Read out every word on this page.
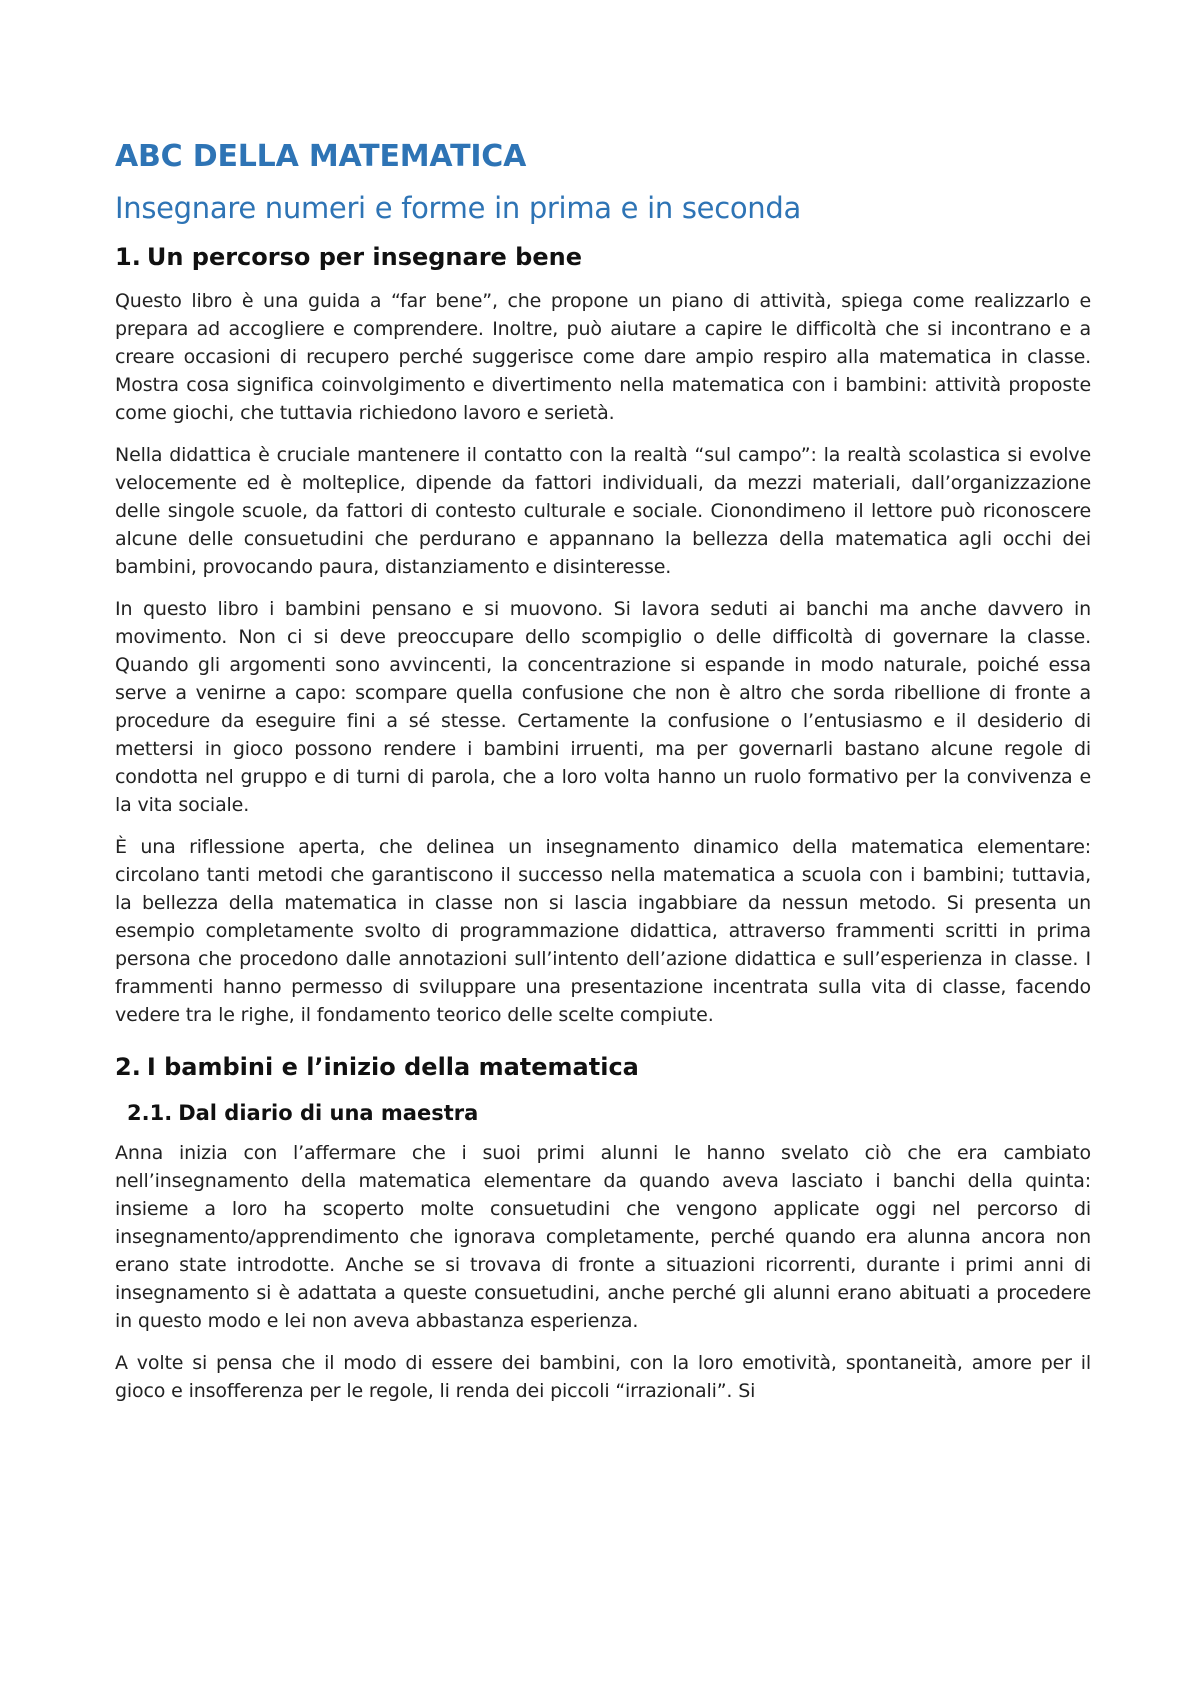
ABC DELLA MATEMATICA
Insegnare numeri e forme in prima e in seconda
1. Un percorso per insegnare bene

Questo libro è una guida a “far bene”, che propone un piano di attività, spiega come realizzarlo e prepara ad accogliere e comprendere. Inoltre, può aiutare a capire le difficoltà che si incontrano e a creare occasioni di recupero perché suggerisce come dare ampio respiro alla matematica in classe. Mostra cosa significa coinvolgimento e divertimento nella matematica con i bambini: attività proposte come giochi, che tuttavia richiedono lavoro e serietà.

Nella didattica è cruciale mantenere il contatto con la realtà “sul campo”: la realtà scolastica si evolve velocemente ed è molteplice, dipende da fattori individuali, da mezzi materiali, dall’organizzazione delle singole scuole, da fattori di contesto culturale e sociale. Cionondimeno il lettore può riconoscere alcune delle consuetudini che perdurano e appannano la bellezza della matematica agli occhi dei bambini, provocando paura, distanziamento e disinteresse.

In questo libro i bambini pensano e si muovono. Si lavora seduti ai banchi ma anche davvero in movimento. Non ci si deve preoccupare dello scompiglio o delle difficoltà di governare la classe. Quando gli argomenti sono avvincenti, la concentrazione si espande in modo naturale, poiché essa serve a venirne a capo: scompare quella confusione che non è altro che sorda ribellione di fronte a procedure da eseguire fini a sé stesse. Certamente la confusione o l’entusiasmo e il desiderio di mettersi in gioco possono rendere i bambini irruenti, ma per governarli bastano alcune regole di condotta nel gruppo e di turni di parola, che a loro volta hanno un ruolo formativo per la convivenza e la vita sociale.

È una riflessione aperta, che delinea un insegnamento dinamico della matematica elementare: circolano tanti metodi che garantiscono il successo nella matematica a scuola con i bambini; tuttavia, la bellezza della matematica in classe non si lascia ingabbiare da nessun metodo. Si presenta un esempio completamente svolto di programmazione didattica, attraverso frammenti scritti in prima persona che procedono dalle annotazioni sull’intento dell’azione didattica e sull’esperienza in classe. I frammenti hanno permesso di sviluppare una presentazione incentrata sulla vita di classe, facendo vedere tra le righe, il fondamento teorico delle scelte compiute.

2. I bambini e l’inizio della matematica
2.1. Dal diario di una maestra

Anna inizia con l’affermare che i suoi primi alunni le hanno svelato ciò che era cambiato nell’insegnamento della matematica elementare da quando aveva lasciato i banchi della quinta: insieme a loro ha scoperto molte consuetudini che vengono applicate oggi nel percorso di insegnamento/apprendimento che ignorava completamente, perché quando era alunna ancora non erano state introdotte. Anche se si trovava di fronte a situazioni ricorrenti, durante i primi anni di insegnamento si è adattata a queste consuetudini, anche perché gli alunni erano abituati a procedere in questo modo e lei non aveva abbastanza esperienza.

A volte si pensa che il modo di essere dei bambini, con la loro emotività, spontaneità, amore per il gioco e insofferenza per le regole, li renda dei piccoli “irrazionali”. Si
